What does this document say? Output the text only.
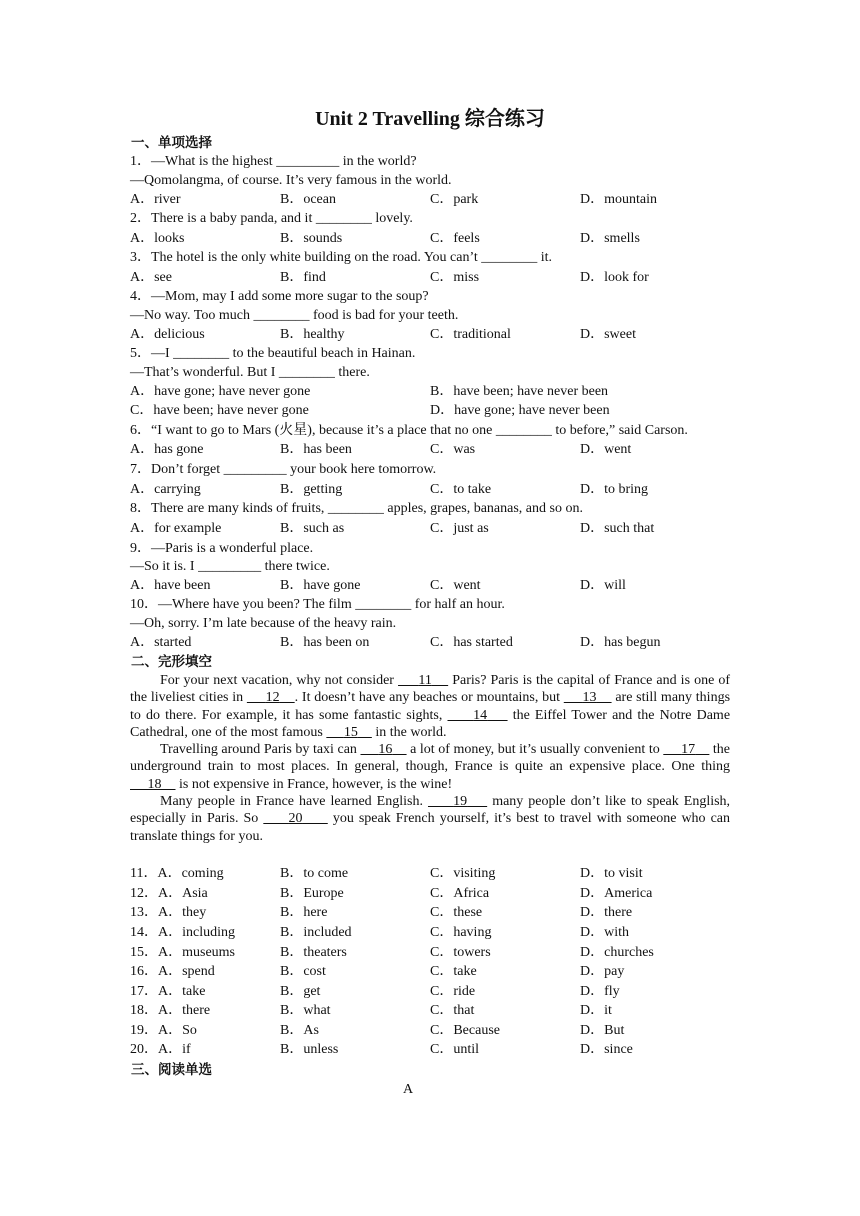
Unit 2 Travelling 综合练习
一、单项选择
1．—What is the highest _________ in the world?
—Qomolangma, of course. It’s very famous in the world.
A．river	B．ocean	C．park	D．mountain
2．There is a baby panda, and it ________ lovely.
A．looks	B．sounds	C．feels	D．smells
3．The hotel is the only white building on the road. You can’t ________ it.
A．see	B．find	C．miss	D．look for
4．—Mom, may I add some more sugar to the soup?
—No way. Too much ________ food is bad for your teeth.
A．delicious	B．healthy	C．traditional	D．sweet
5．—I ________ to the beautiful beach in Hainan.
—That’s wonderful. But I ________ there.
A．have gone; have never gone	B．have been; have never been
C．have been; have never gone	D．have gone; have never been
6．“I want to go to Mars (火星), because it’s a place that no one ________ to before,” said Carson.
A．has gone	B．has been	C．was	D．went
7．Don’t forget _________ your book here tomorrow.
A．carrying	B．getting	C．to take	D．to bring
8．There are many kinds of fruits, ________ apples, grapes, bananas, and so on.
A．for example	B．such as	C．just as	D．such that
9．—Paris is a wonderful place.
—So it is. I _________ there twice.
A．have been	B．have gone	C．went	D．will
10．—Where have you been? The film ________ for half an hour.
—Oh, sorry. I’m late because of the heavy rain.
A．started	B．has been on	C．has started	D．has begun
二、完形填空

For your next vacation, why not consider      11 Paris? Paris is the capital of France and is one of the liveliest cities in      12 . It doesn’t have any beaches or mountains, but      13 are still many things to do there. For example, it has some fantastic sights,      14 the Eiffel Tower and the Notre Dame Cathedral, one of the most famous      15 in the world.

Travelling around Paris by taxi can      16 a lot of money, but it’s usually convenient to      17 the underground train to most places. In general, though, France is quite an expensive place. One thing      18 is not expensive in France, however, is the wine!

Many people in France have learned English.      19 many people don’t like to speak English, especially in Paris. So      20 you speak French yourself, it’s best to travel with someone who can translate things for you.

11．A．coming	B．to come	C．visiting	D．to visit
12．A．Asia	B．Europe	C．Africa	D．America
13．A．they	B．here	C．these	D．there
14．A．including	B．included	C．having	D．with
15．A．museums	B．theaters	C．towers	D．churches
16．A．spend	B．cost	C．take	D．pay
17．A．take	B．get	C．ride	D．fly
18．A．there	B．what	C．that	D．it
19．A．So	B．As	C．Because	D．But
20．A．if	B．unless	C．until	D．since
三、阅读单选
A
